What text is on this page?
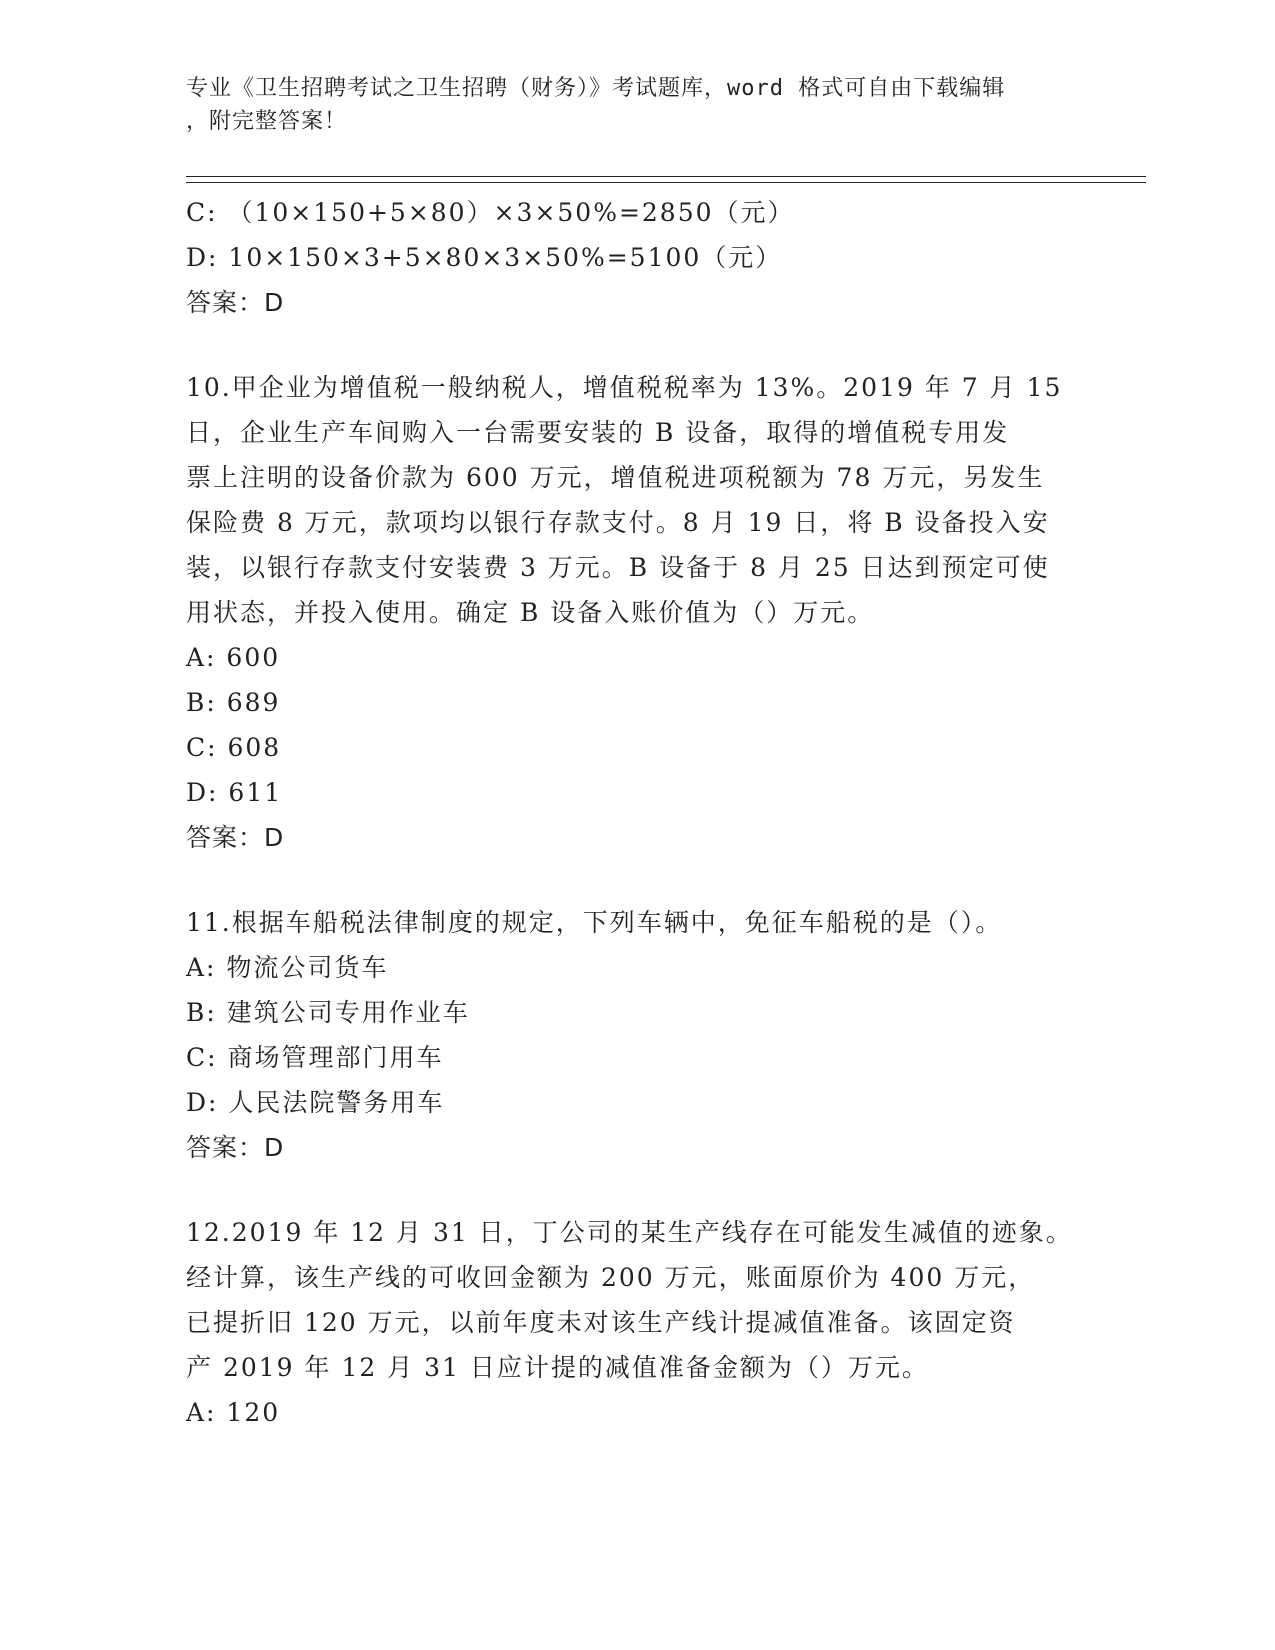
专业《卫生招聘考试之卫生招聘（财务）》考试题库，word 格式可自由下载编辑
，附完整答案！
C: （10×150+5×80）×3×50%=2850（元）
D: 10×150×3+5×80×3×50%=5100（元）
答案：D
10.甲企业为增值税一般纳税人，增值税税率为 13%。2019 年 7 月 15
日，企业生产车间购入一台需要安装的 B 设备，取得的增值税专用发
票上注明的设备价款为 600 万元，增值税进项税额为 78 万元，另发生
保险费 8 万元，款项均以银行存款支付。8 月 19 日，将 B 设备投入安
装，以银行存款支付安装费 3 万元。B 设备于 8 月 25 日达到预定可使
用状态，并投入使用。确定 B 设备入账价值为（）万元。
A: 600
B: 689
C: 608
D: 611
答案：D
11.根据车船税法律制度的规定，下列车辆中，免征车船税的是（）。
A: 物流公司货车
B: 建筑公司专用作业车
C: 商场管理部门用车
D: 人民法院警务用车
答案：D
12.2019 年 12 月 31 日，丁公司的某生产线存在可能发生减值的迹象。
经计算，该生产线的可收回金额为 200 万元，账面原价为 400 万元，
已提折旧 120 万元，以前年度未对该生产线计提减值准备。该固定资
产 2019 年 12 月 31 日应计提的减值准备金额为（）万元。
A: 120
